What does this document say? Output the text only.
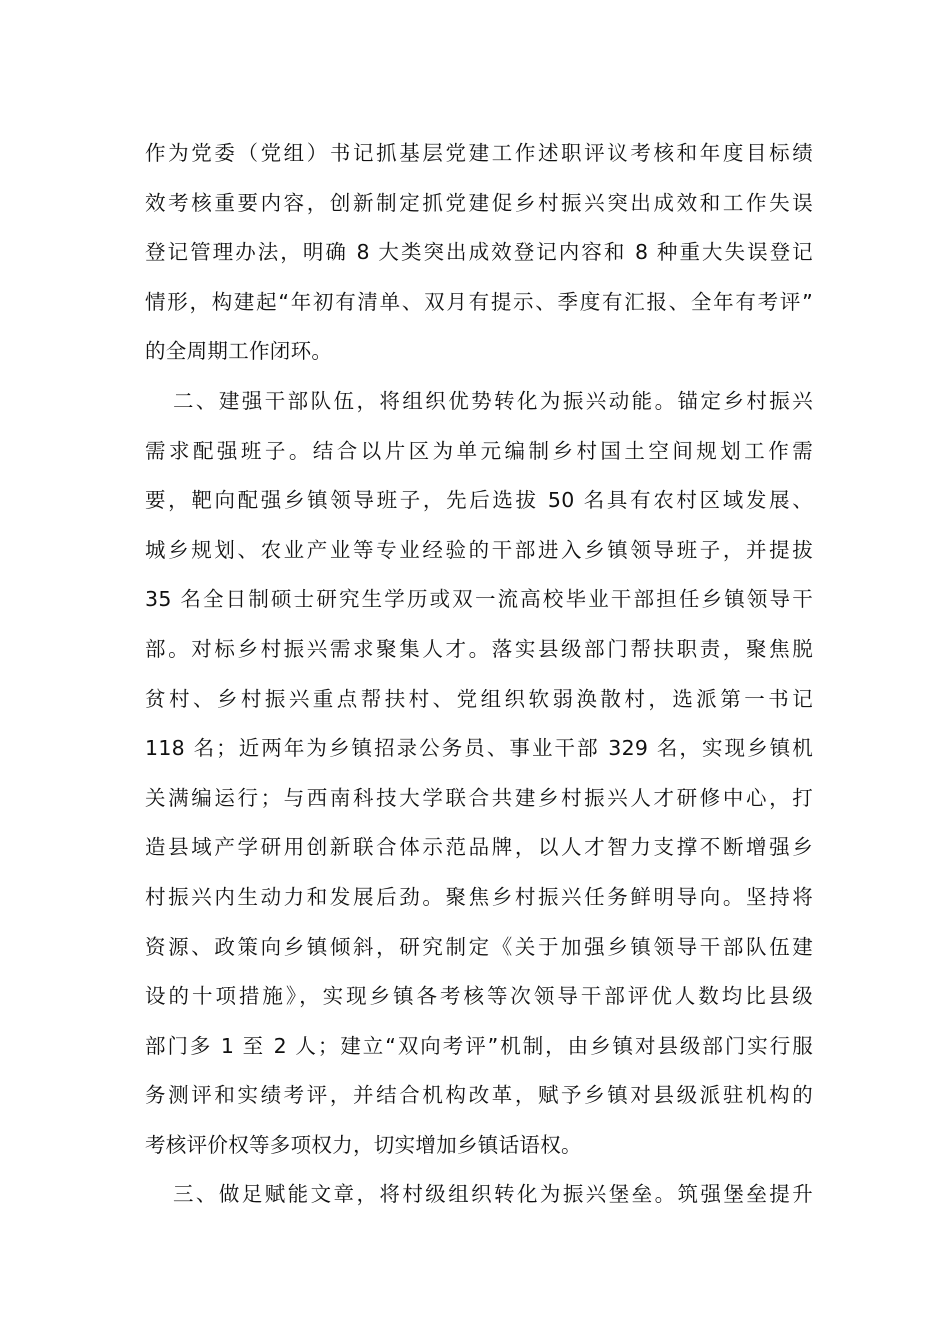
作为党委（党组）书记抓基层党建工作述职评议考核和年度目标绩
效考核重要内容，创新制定抓党建促乡村振兴突出成效和工作失误
登记管理办法，明确 8 大类突出成效登记内容和 8 种重大失误登记
情形，构建起“年初有清单、双月有提示、季度有汇报、全年有考评”
的全周期工作闭环。
二、建强干部队伍，将组织优势转化为振兴动能。锚定乡村振兴
需求配强班子。结合以片区为单元编制乡村国土空间规划工作需
要，靶向配强乡镇领导班子，先后选拔 50 名具有农村区域发展、
城乡规划、农业产业等专业经验的干部进入乡镇领导班子，并提拔
35 名全日制硕士研究生学历或双一流高校毕业干部担任乡镇领导干
部。对标乡村振兴需求聚集人才。落实县级部门帮扶职责，聚焦脱
贫村、乡村振兴重点帮扶村、党组织软弱涣散村，选派第一书记
118 名；近两年为乡镇招录公务员、事业干部 329 名，实现乡镇机
关满编运行；与西南科技大学联合共建乡村振兴人才研修中心，打
造县域产学研用创新联合体示范品牌，以人才智力支撑不断增强乡
村振兴内生动力和发展后劲。聚焦乡村振兴任务鲜明导向。坚持将
资源、政策向乡镇倾斜，研究制定《关于加强乡镇领导干部队伍建
设的十项措施》，实现乡镇各考核等次领导干部评优人数均比县级
部门多 1 至 2 人；建立“双向考评”机制，由乡镇对县级部门实行服
务测评和实绩考评，并结合机构改革，赋予乡镇对县级派驻机构的
考核评价权等多项权力，切实增加乡镇话语权。
三、做足赋能文章，将村级组织转化为振兴堡垒。筑强堡垒提升
